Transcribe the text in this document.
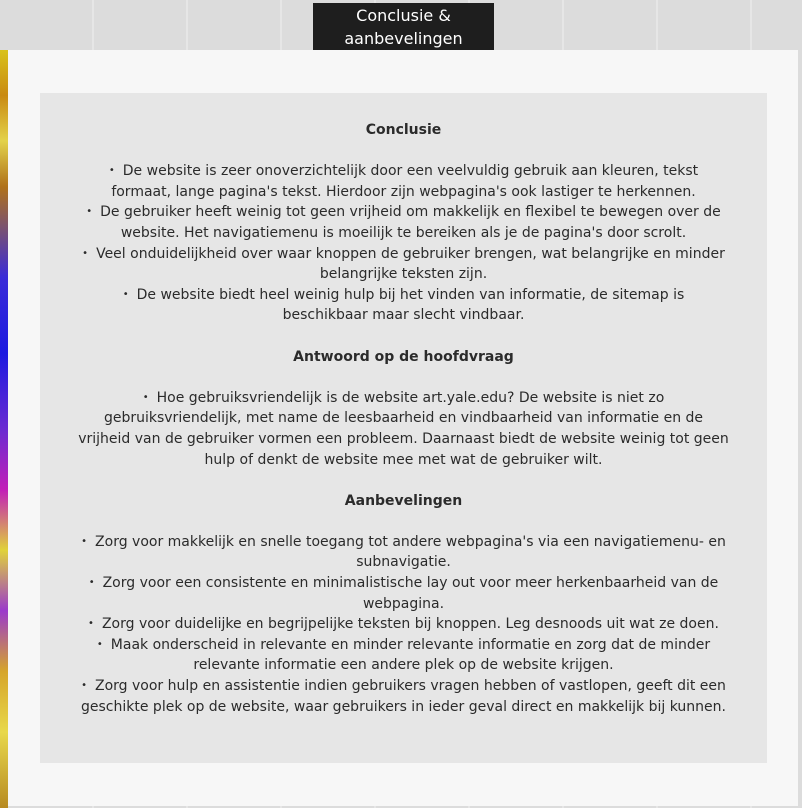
Conclusie & aanbevelingen
Conclusie
• De website is zeer onoverzichtelijk door een veelvuldig gebruik aan kleuren, tekst formaat, lange pagina's tekst. Hierdoor zijn webpagina's ook lastiger te herkennen.
• De gebruiker heeft weinig tot geen vrijheid om makkelijk en flexibel te bewegen over de website. Het navigatiemenu is moeilijk te bereiken als je de pagina's door scrolt.
• Veel onduidelijkheid over waar knoppen de gebruiker brengen, wat belangrijke en minder belangrijke teksten zijn.
• De website biedt heel weinig hulp bij het vinden van informatie, de sitemap is beschikbaar maar slecht vindbaar.
Antwoord op de hoofdvraag
• Hoe gebruiksvriendelijk is de website art.yale.edu? De website is niet zo gebruiksvriendelijk, met name de leesbaarheid en vindbaarheid van informatie en de vrijheid van de gebruiker vormen een probleem. Daarnaast biedt de website weinig tot geen hulp of denkt de website mee met wat de gebruiker wilt.
Aanbevelingen
• Zorg voor makkelijk en snelle toegang tot andere webpagina's via een navigatiemenu- en subnavigatie.
• Zorg voor een consistente en minimalistische lay out voor meer herkenbaarheid van de webpagina.
• Zorg voor duidelijke en begrijpelijke teksten bij knoppen. Leg desnoods uit wat ze doen.
• Maak onderscheid in relevante en minder relevante informatie en zorg dat de minder relevante informatie een andere plek op de website krijgen.
• Zorg voor hulp en assistentie indien gebruikers vragen hebben of vastlopen, geeft dit een geschikte plek op de website, waar gebruikers in ieder geval direct en makkelijk bij kunnen.
